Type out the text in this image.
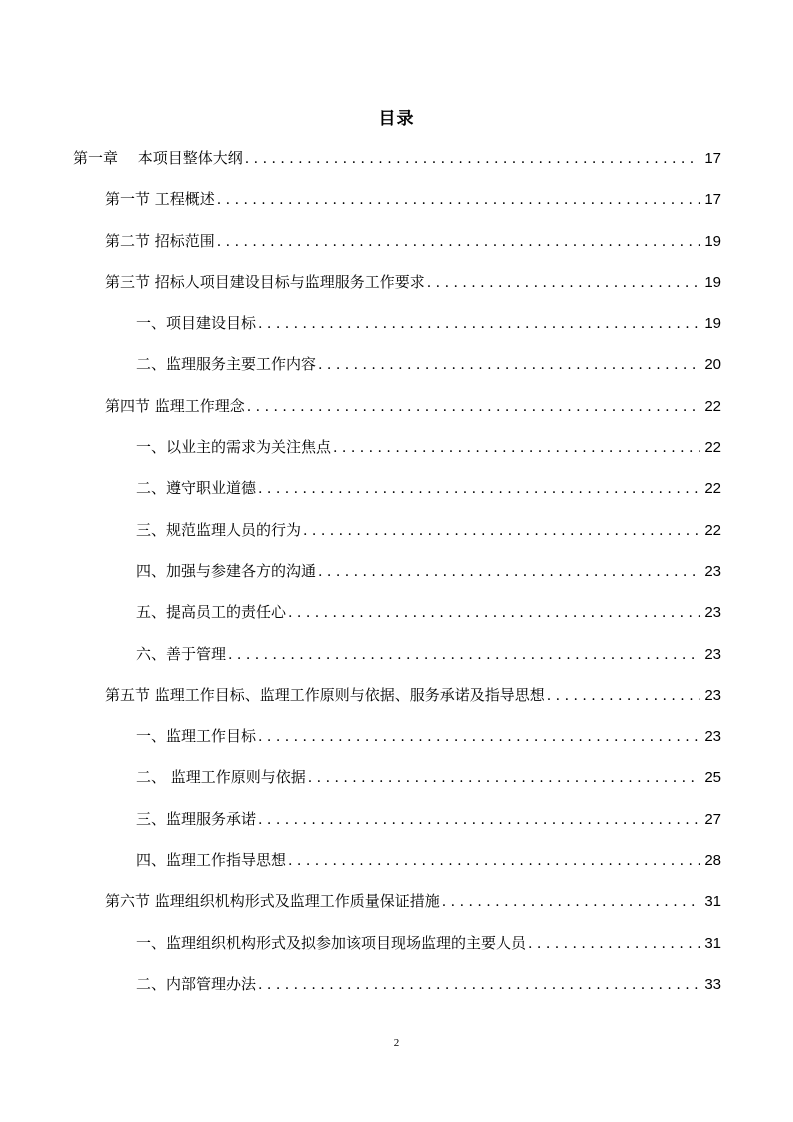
目录
第一章　 本项目整体大纲 . . .	17
第一节 工程概述 . . .	17
第二节 招标范围 . . .	19
第三节 招标人项目建设目标与监理服务工作要求 . . .	19
一、项目建设目标 . . .	19
二、监理服务主要工作内容 . . .	20
第四节 监理工作理念 . . .	22
一、以业主的需求为关注焦点 . . .	22
二、遵守职业道德 . . .	22
三、规范监理人员的行为 . . .	22
四、加强与参建各方的沟通 . . .	23
五、提高员工的责任心 . . .	23
六、善于管理 . . .	23
第五节 监理工作目标、监理工作原则与依据、服务承诺及指导思想 . . .	23
一、监理工作目标 . . .	23
二、 监理工作原则与依据 . . .	25
三、监理服务承诺 . . .	27
四、监理工作指导思想 . . .	28
第六节 监理组织机构形式及监理工作质量保证措施 . . .	31
一、监理组织机构形式及拟参加该项目现场监理的主要人员 . . .	31
二、内部管理办法 . . .	33
2
